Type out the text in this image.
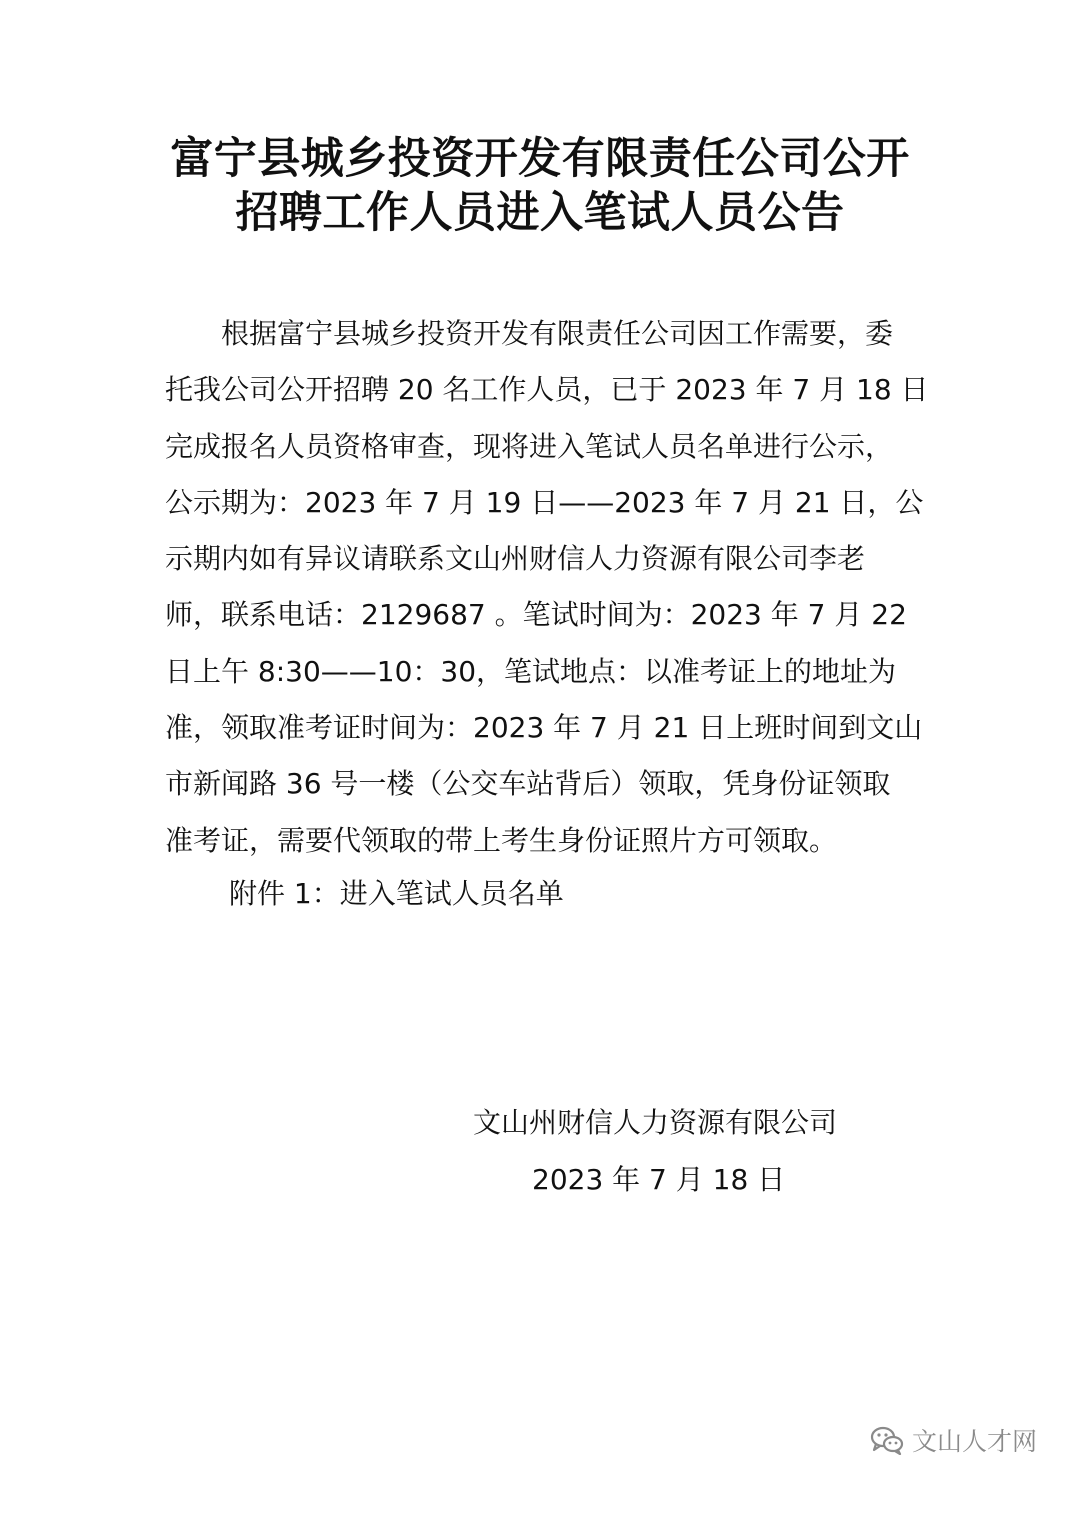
富宁县城乡投资开发有限责任公司公开
招聘工作人员进入笔试人员公告
　　根据富宁县城乡投资开发有限责任公司因工作需要，委
托我公司公开招聘 20 名工作人员，已于 2023 年 7 月 18 日
完成报名人员资格审查，现将进入笔试人员名单进行公示，
公示期为：2023 年 7 月 19 日——2023 年 7 月 21 日，公
示期内如有异议请联系文山州财信人力资源有限公司李老
师，联系电话：2129687 。笔试时间为：2023 年 7 月 22
日上午 8:30——10：30，笔试地点：以准考证上的地址为
准，领取准考证时间为：2023 年 7 月 21 日上班时间到文山
市新闻路 36 号一楼（公交车站背后）领取，凭身份证领取
准考证，需要代领取的带上考生身份证照片方可领取。
附件 1：进入笔试人员名单
文山州财信人力资源有限公司
2023 年 7 月 18 日
文山人才网
